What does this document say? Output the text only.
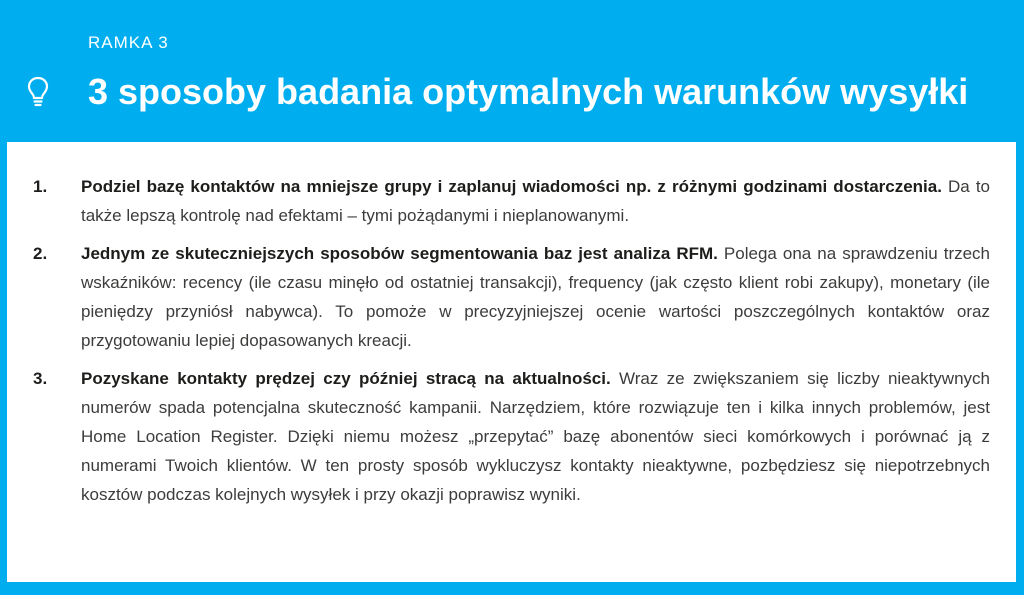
RAMKA 3
3 sposoby badania optymalnych warunków wysyłki
1.	Podziel bazę kontaktów na mniejsze grupy i zaplanuj wiadomości np. z różnymi godzinami dostarczenia. Da to także lepszą kontrolę nad efektami – tymi pożądanymi i nieplanowanymi.
2.	Jednym ze skuteczniejszych sposobów segmentowania baz jest analiza RFM. Polega ona na sprawdzeniu trzech wskaźników: recency (ile czasu minęło od ostatniej transakcji), frequency (jak często klient robi zakupy), monetary (ile pieniędzy przyniósł nabywca). To pomoże w precyzyjniejszej ocenie wartości poszczególnych kontaktów oraz przygotowaniu lepiej dopasowanych kreacji.
3.	Pozyskane kontakty prędzej czy później stracą na aktualności. Wraz ze zwiększaniem się liczby nieaktywnych numerów spada potencjalna skuteczność kampanii. Narzędziem, które rozwiązuje ten i kilka innych problemów, jest Home Location Register. Dzięki niemu możesz „przepytać” bazę abonentów sieci komórkowych i porównać ją z numerami Twoich klientów. W ten prosty sposób wykluczysz kontakty nieaktywne, pozbędziesz się niepotrzebnych kosztów podczas kolejnych wysyłek i przy okazji poprawisz wyniki.
